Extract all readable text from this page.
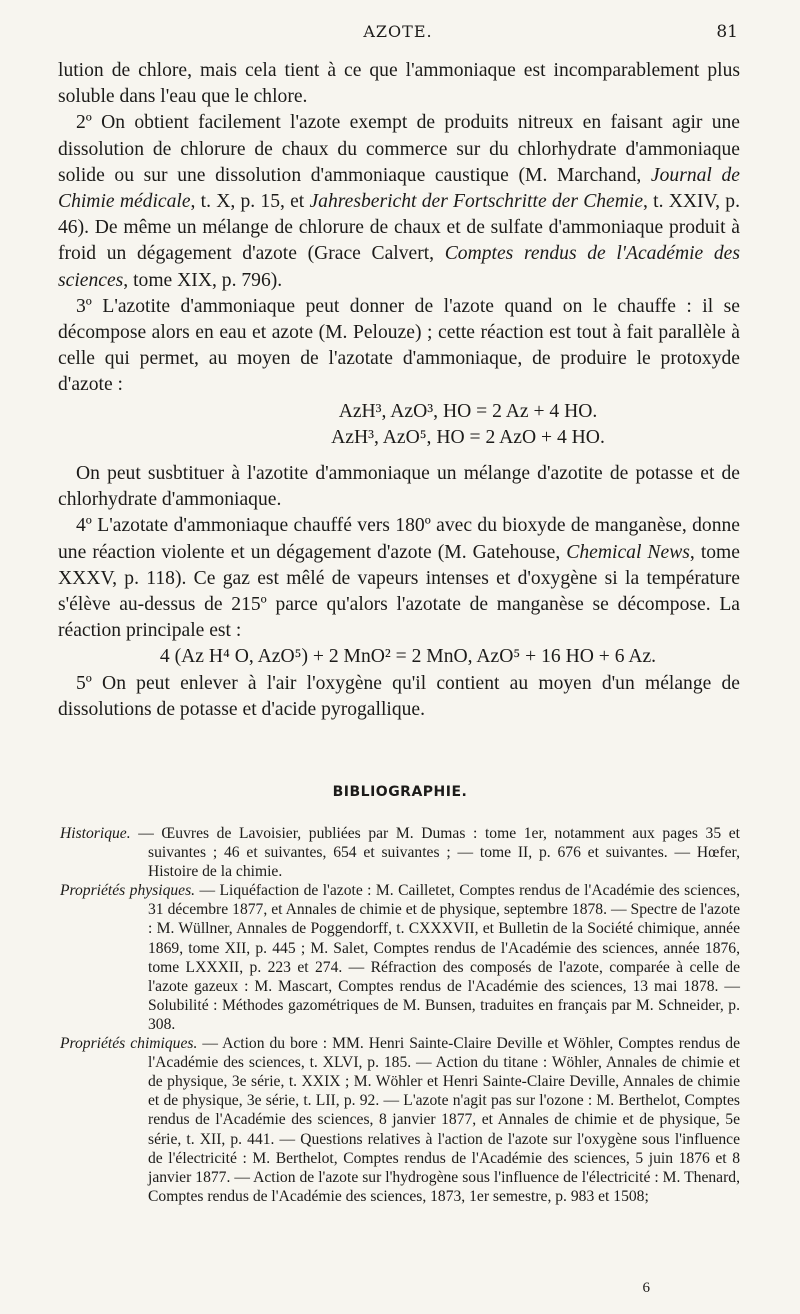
AZOTE.	81

lution de chlore, mais cela tient à ce que l'ammoniaque est incomparablement plus soluble dans l'eau que le chlore.

2º On obtient facilement l'azote exempt de produits nitreux en faisant agir une dissolution de chlorure de chaux du commerce sur du chlorhydrate d'ammoniaque solide ou sur une dissolution d'ammoniaque caustique (M. Marchand, Journal de Chimie médicale, t. X, p. 15, et Jahresbericht der Fortschritte der Chemie, t. XXIV, p. 46). De même un mélange de chlorure de chaux et de sulfate d'ammoniaque produit à froid un dégagement d'azote (Grace Calvert, Comptes rendus de l'Académie des sciences, tome XIX, p. 796).

3º L'azotite d'ammoniaque peut donner de l'azote quand on le chauffe : il se décompose alors en eau et azote (M. Pelouze) ; cette réaction est tout à fait parallèle à celle qui permet, au moyen de l'azotate d'ammoniaque, de produire le protoxyde d'azote :

AzH³, AzO³, HO = 2 Az + 4 HO.

AzH³, AzO⁵, HO = 2 AzO + 4 HO.

On peut susbtituer à l'azotite d'ammoniaque un mélange d'azotite de potasse et de chlorhydrate d'ammoniaque.

4º L'azotate d'ammoniaque chauffé vers 180º avec du bioxyde de manganèse, donne une réaction violente et un dégagement d'azote (M. Gatehouse, Chemical News, tome XXXV, p. 118). Ce gaz est mêlé de vapeurs intenses et d'oxygène si la température s'élève au-dessus de 215º parce qu'alors l'azotate de manganèse se décompose. La réaction principale est :

4 (Az H⁴ O, AzO⁵) + 2 MnO² = 2 MnO, AzO⁵ + 16 HO + 6 Az.

5º On peut enlever à l'air l'oxygène qu'il contient au moyen d'un mélange de dissolutions de potasse et d'acide pyrogallique.

BIBLIOGRAPHIE.

Historique. — Œuvres de Lavoisier, publiées par M. Dumas : tome 1er, notamment aux pages 35 et suivantes ; 46 et suivantes, 654 et suivantes ; — tome II, p. 676 et suivantes. — Hœfer, Histoire de la chimie.

Propriétés physiques. — Liquéfaction de l'azote : M. Cailletet, Comptes rendus de l'Académie des sciences, 31 décembre 1877, et Annales de chimie et de physique, septembre 1878. — Spectre de l'azote : M. Wüllner, Annales de Poggendorff, t. CXXXVII, et Bulletin de la Société chimique, année 1869, tome XII, p. 445 ; M. Salet, Comptes rendus de l'Académie des sciences, année 1876, tome LXXXII, p. 223 et 274. — Réfraction des composés de l'azote, comparée à celle de l'azote gazeux : M. Mascart, Comptes rendus de l'Académie des sciences, 13 mai 1878. — Solubilité : Méthodes gazométriques de M. Bunsen, traduites en français par M. Schneider, p. 308.

Propriétés chimiques. — Action du bore : MM. Henri Sainte-Claire Deville et Wöhler, Comptes rendus de l'Académie des sciences, t. XLVI, p. 185. — Action du titane : Wöhler, Annales de chimie et de physique, 3e série, t. XXIX ; M. Wöhler et Henri Sainte-Claire Deville, Annales de chimie et de physique, 3e série, t. LII, p. 92. — L'azote n'agit pas sur l'ozone : M. Berthelot, Comptes rendus de l'Académie des sciences, 8 janvier 1877, et Annales de chimie et de physique, 5e série, t. XII, p. 441. — Questions relatives à l'action de l'azote sur l'oxygène sous l'influence de l'électricité : M. Berthelot, Comptes rendus de l'Académie des sciences, 5 juin 1876 et 8 janvier 1877. — Action de l'azote sur l'hydrogène sous l'influence de l'électricité : M. Thenard, Comptes rendus de l'Académie des sciences, 1873, 1er semestre, p. 983 et 1508;

6
